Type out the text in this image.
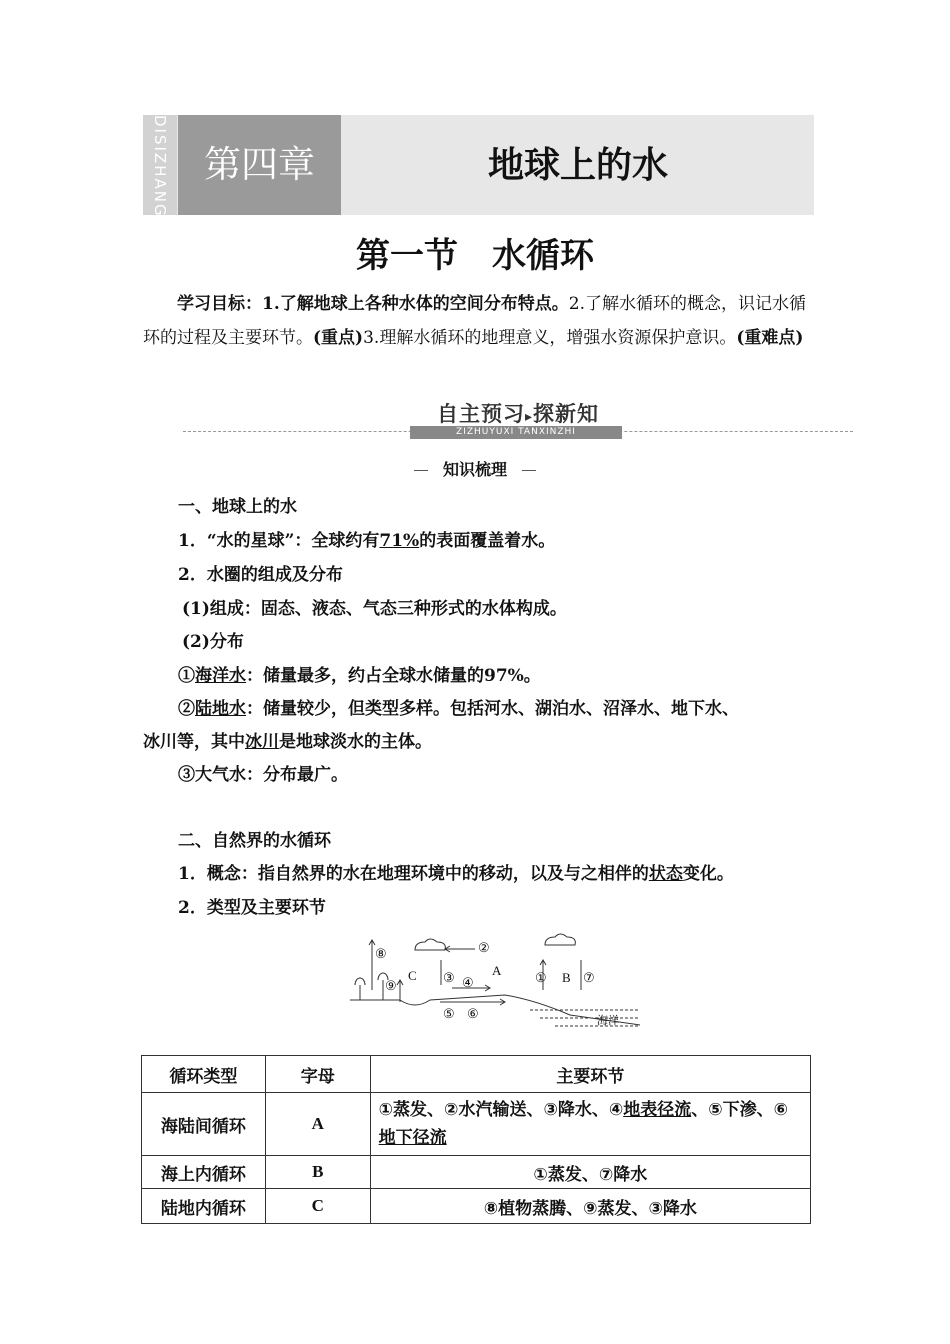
DISIZHANG 第四章	地球上的水
第一节　水循环
学习目标：1.了解地球上各种水体的空间分布特点。2.了解水循环的概念，识记水循环的过程及主要环节。(重点)3.理解水循环的地理意义，增强水资源保护意识。(重难点)
自主预习▸探新知
ZIZHUYUXI TANXINZHI
知识梳理
一、地球上的水
1．“水的星球”：全球约有71%的表面覆盖着水。
2．水圈的组成及分布
(1)组成：固态、液态、气态三种形式的水体构成。
(2)分布
①海洋水：储量最多，约占全球水储量的97%。
②陆地水：储量较少，但类型多样。包括河水、湖泊水、沼泽水、地下水、
冰川等，其中冰川是地球淡水的主体。
③大气水：分布最广。
二、自然界的水循环
1．概念：指自然界的水在地理环境中的移动，以及与之相伴的状态变化。
2．类型及主要环节
⑧
⑨
C
②
③	A
④
⑤ ⑥
① B ⑦
海洋
循环类型	字母	主要环节
海陆间循环	A	①蒸发、②水汽输送、③降水、④地表径流、⑤下渗、⑥地下径流
海上内循环	B	①蒸发、⑦降水
陆地内循环	C	⑧植物蒸腾、⑨蒸发、③降水
